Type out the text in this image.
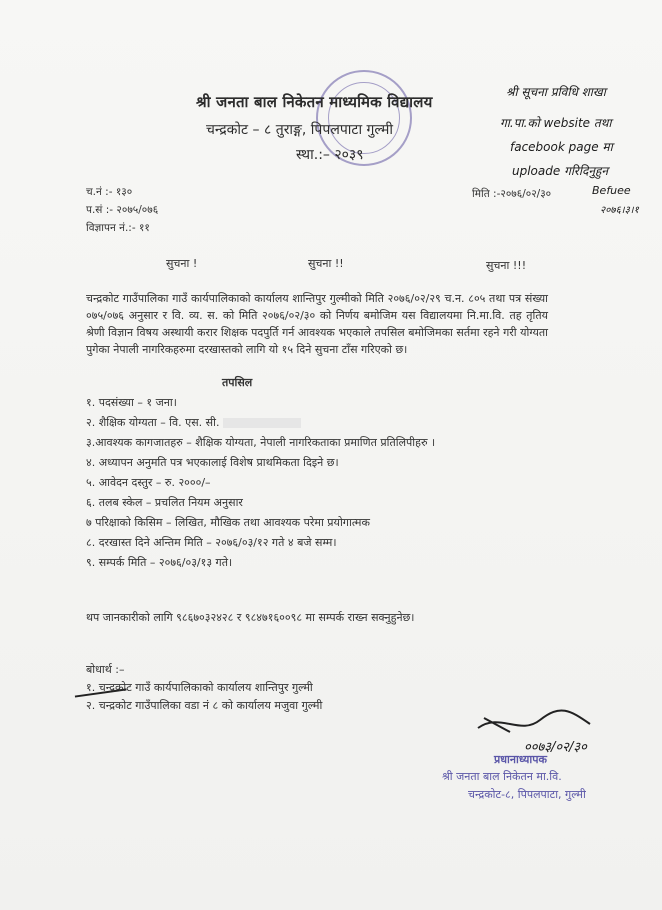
श्री जनता बाल निकेतन माध्यमिक विद्यालय
चन्द्रकोट – ८ तुराङ्ग, पिपलपाटा गुल्मी
स्था.:– २०३९
श्री सूचना प्रविधि शाखा
गा.पा.को website तथा
facebook page मा
uploade गरिदिनुहुन
Befuee
२०७६।३।१
च.नं :- १३०
प.सं :- २०७५/०७६
विज्ञापन नं.:- ११
मिति :-२०७६/०२/३०
सुचना !	सुचना !!	सुचना !!!
चन्द्रकोट गाउँपालिका गाउँ कार्यपालिकाको कार्यालय शान्तिपुर गुल्मीको मिति २०७६/०२/२९ च.न. ८०५ तथा पत्र संख्या ०७५/०७६ अनुसार र वि. व्य. स. को मिति २०७६/०२/३० को निर्णय बमोजिम यस विद्यालयमा नि.मा.वि. तह तृतिय श्रेणी विज्ञान विषय अस्थायी करार शिक्षक पदपुर्ति गर्न आवश्यक भएकाले तपसिल बमोजिमका सर्तमा रहने गरी योग्यता पुगेका नेपाली नागरिकहरुमा दरखास्तको लागि यो १५ दिने सुचना टाँस गरिएको छ।
तपसिल
१. पदसंख्या – १ जना।
२. शैक्षिक योग्यता – वि. एस. सी.
३.आवश्यक कागजातहरु – शैक्षिक योग्यता, नेपाली नागरिकताका प्रमाणित प्रतिलिपीहरु ।
४. अध्यापन अनुमति पत्र भएकालाई विशेष प्राथमिकता दिइने छ।
५. आवेदन दस्तुर – रु. २०००/–
६. तलब स्केल – प्रचलित नियम अनुसार
७ परिक्षाको किसिम – लिखित, मौखिक तथा आवश्यक परेमा प्रयोगात्मक
८. दरखास्त दिने अन्तिम मिति – २०७६/०३/१२ गते ४ बजे सम्म।
९. सम्पर्क मिति – २०७६/०३/१३ गते।
थप जानकारीको लागि ९८६७०३२४२८ र ९८४७१६००९८ मा सम्पर्क राख्न सक्नुहुनेछ।
बोधार्थ :–
१. चन्द्रकोट गाउँ कार्यपालिकाको कार्यालय शान्तिपुर गुल्मी
२. चन्द्रकोट गाउँपालिका वडा नं ८ को कार्यालय मजुवा गुल्मी
००७३/०२/३०
प्रधानाध्यापक
श्री जनता बाल निकेतन मा.वि.
चन्द्रकोट-८, पिपलपाटा, गुल्मी
